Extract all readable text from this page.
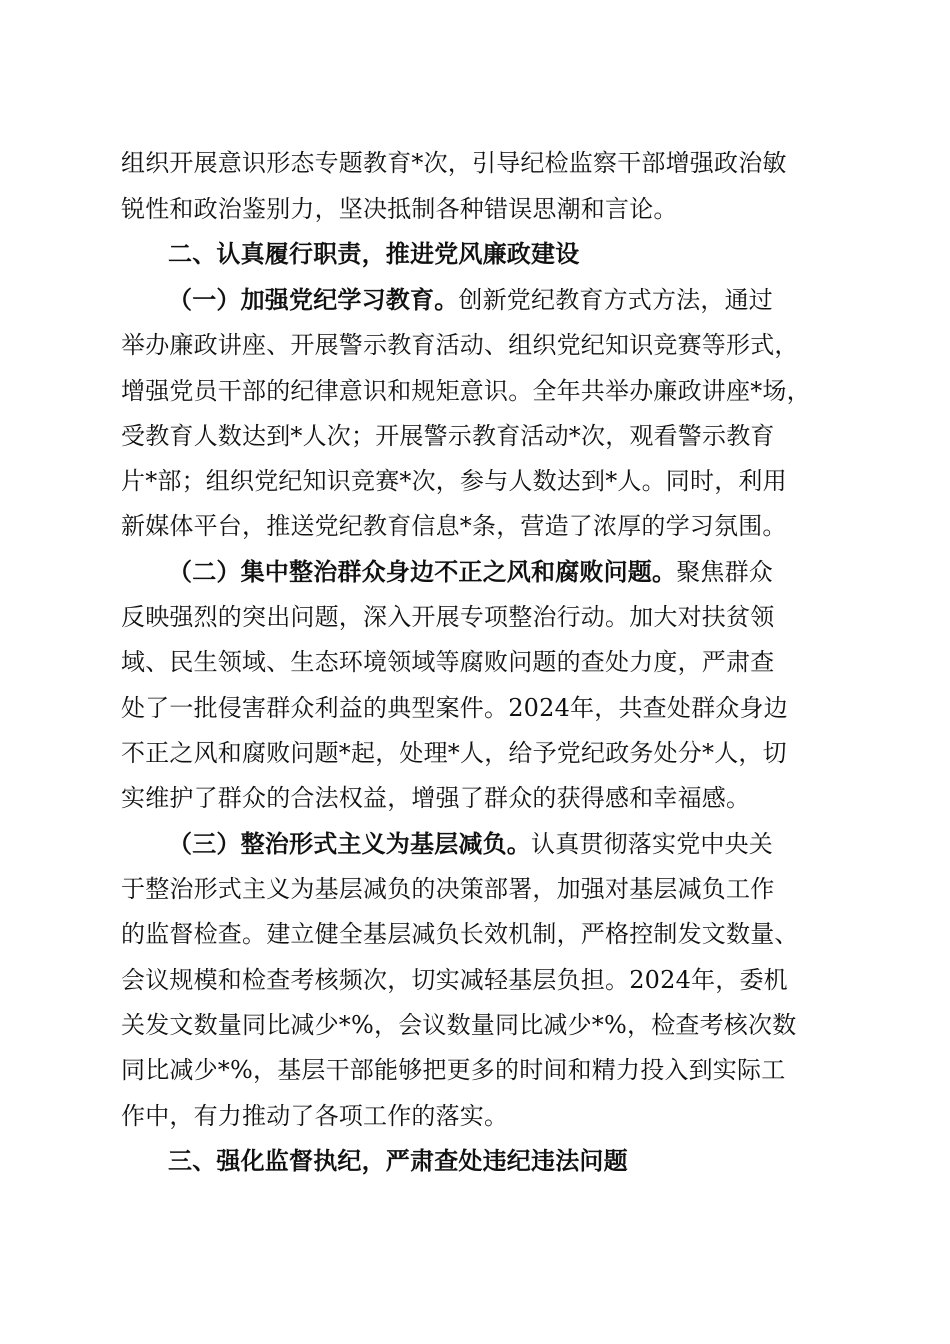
组织开展意识形态专题教育*次，引导纪检监察干部增强政治敏
锐性和政治鉴别力，坚决抵制各种错误思潮和言论。
二、认真履行职责，推进党风廉政建设
（一）加强党纪学习教育。创新党纪教育方式方法，通过
举办廉政讲座、开展警示教育活动、组织党纪知识竞赛等形式，
增强党员干部的纪律意识和规矩意识。全年共举办廉政讲座*场，
受教育人数达到*人次；开展警示教育活动*次，观看警示教育
片*部；组织党纪知识竞赛*次，参与人数达到*人。同时，利用
新媒体平台，推送党纪教育信息*条，营造了浓厚的学习氛围。
（二）集中整治群众身边不正之风和腐败问题。聚焦群众
反映强烈的突出问题，深入开展专项整治行动。加大对扶贫领
域、民生领域、生态环境领域等腐败问题的查处力度，严肃查
处了一批侵害群众利益的典型案件。2024年，共查处群众身边
不正之风和腐败问题*起，处理*人，给予党纪政务处分*人，切
实维护了群众的合法权益，增强了群众的获得感和幸福感。
（三）整治形式主义为基层减负。认真贯彻落实党中央关
于整治形式主义为基层减负的决策部署，加强对基层减负工作
的监督检查。建立健全基层减负长效机制，严格控制发文数量、
会议规模和检查考核频次，切实减轻基层负担。2024年，委机
关发文数量同比减少*%，会议数量同比减少*%，检查考核次数
同比减少*%，基层干部能够把更多的时间和精力投入到实际工
作中，有力推动了各项工作的落实。
三、强化监督执纪，严肃查处违纪违法问题
